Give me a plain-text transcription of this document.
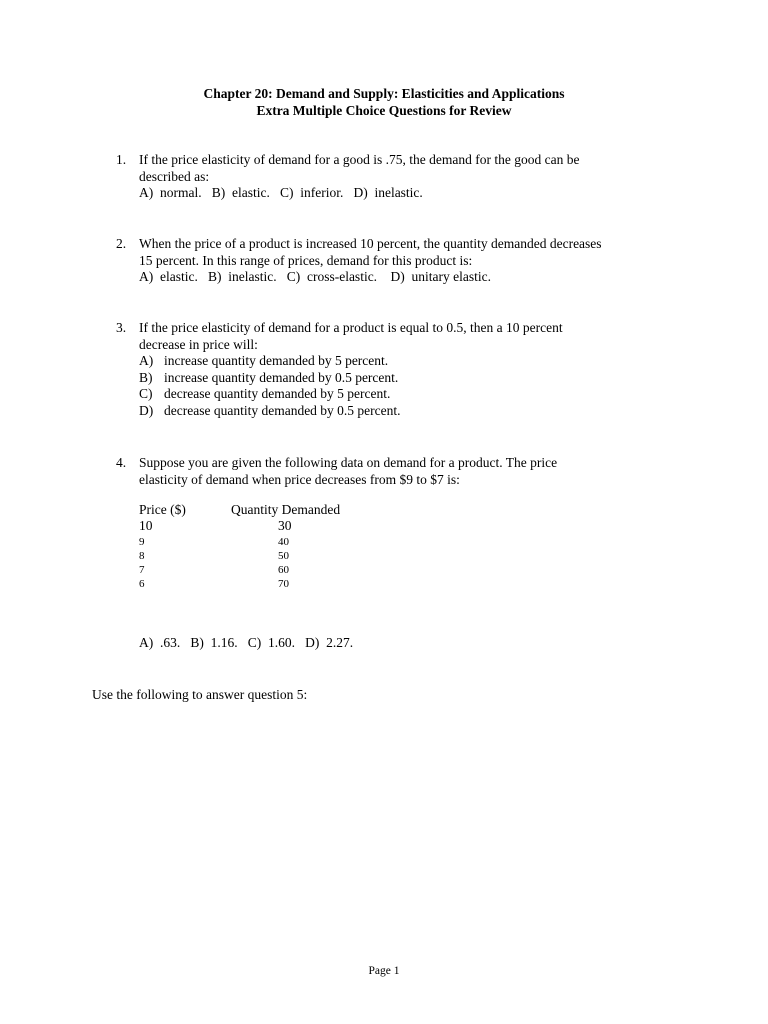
Chapter 20: Demand and Supply: Elasticities and Applications
Extra Multiple Choice Questions for Review
1. If the price elasticity of demand for a good is .75, the demand for the good can be
described as:
A)  normal.   B)  elastic.   C)  inferior.   D)  inelastic.
2. When the price of a product is increased 10 percent, the quantity demanded decreases
15 percent. In this range of prices, demand for this product is:
A)  elastic.   B)  inelastic.   C)  cross-elastic.    D)  unitary elastic.
3. If the price elasticity of demand for a product is equal to 0.5, then a 10 percent
decrease in price will:
A) increase quantity demanded by 5 percent.
B) increase quantity demanded by 0.5 percent.
C) decrease quantity demanded by 5 percent.
D) decrease quantity demanded by 0.5 percent.
4. Suppose you are given the following data on demand for a product. The price
elasticity of demand when price decreases from $9 to $7 is:
Price ($)	Quantity Demanded
10	30
9	40
8	50
7	60
6	70
A)  .63.   B)  1.16.   C)  1.60.   D)  2.27.
Use the following to answer question 5:
Page 1
